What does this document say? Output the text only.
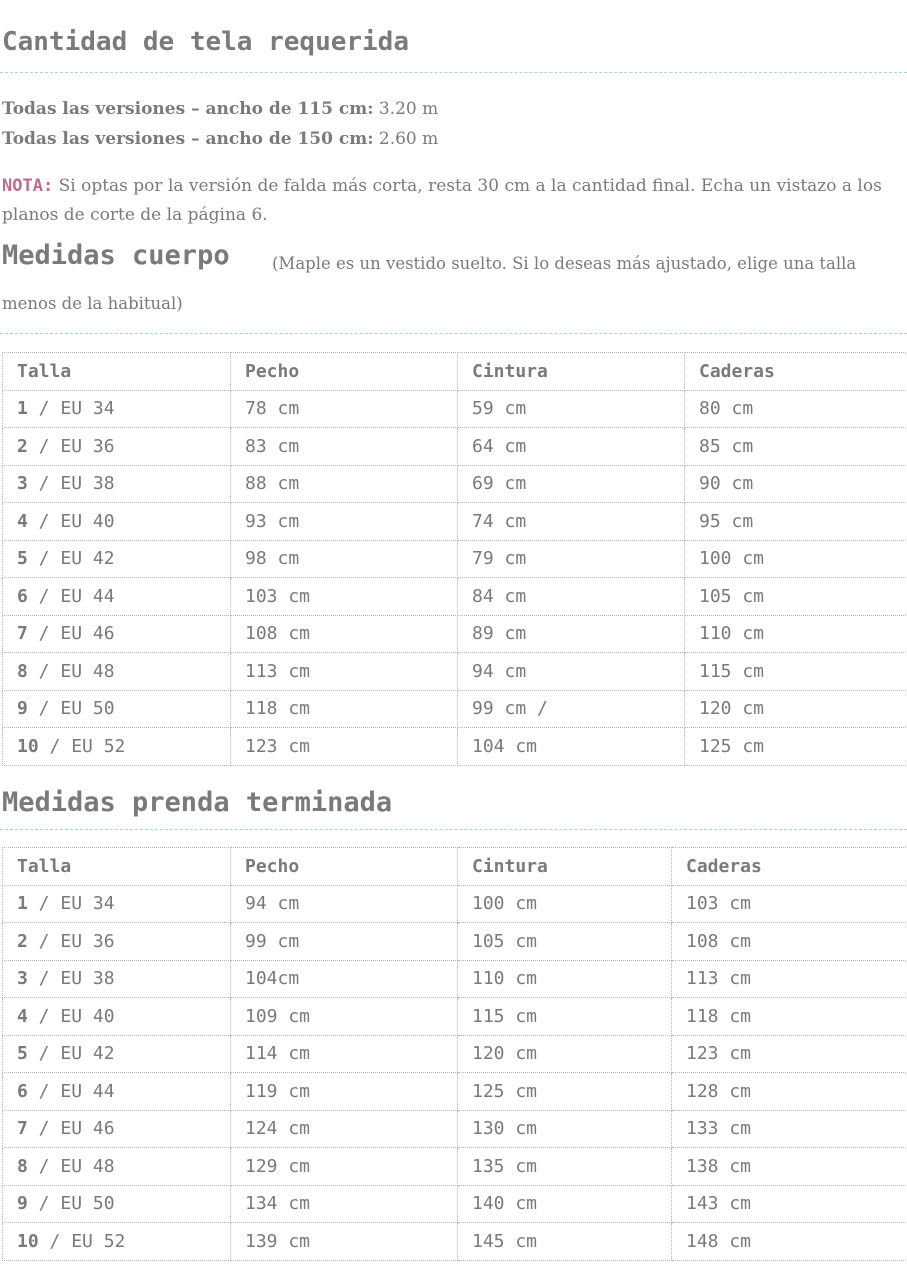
Cantidad de tela requerida
Todas las versiones – ancho de 115 cm: 3.20 m
Todas las versiones – ancho de 150 cm: 2.60 m
NOTA: Si optas por la versión de falda más corta, resta 30 cm a la cantidad final. Echa un vistazo a los planos de corte de la página 6.
(Maple es un vestido suelto. Si lo deseas más ajustado, elige una talla menos de la habitual)
Medidas cuerpo
Talla	Pecho	Cintura	Caderas
1 / EU 34	78 cm	59 cm	80 cm
2 / EU 36	83 cm	64 cm	85 cm
3 / EU 38	88 cm	69 cm	90 cm
4 / EU 40	93 cm	74 cm	95 cm
5 / EU 42	98 cm	79 cm	100 cm
6 / EU 44	103 cm	84 cm	105 cm
7 / EU 46	108 cm	89 cm	110 cm
8 / EU 48	113 cm	94 cm	115 cm
9 / EU 50	118 cm	99 cm /	120 cm
10 / EU 52	123 cm	104 cm	125 cm
Medidas prenda terminada
Talla	Pecho	Cintura	Caderas
1 / EU 34	94 cm	100 cm	103 cm
2 / EU 36	99 cm	105 cm	108 cm
3 / EU 38	104cm	110 cm	113 cm
4 / EU 40	109 cm	115 cm	118 cm
5 / EU 42	114 cm	120 cm	123 cm
6 / EU 44	119 cm	125 cm	128 cm
7 / EU 46	124 cm	130 cm	133 cm
8 / EU 48	129 cm	135 cm	138 cm
9 / EU 50	134 cm	140 cm	143 cm
10 / EU 52	139 cm	145 cm	148 cm
